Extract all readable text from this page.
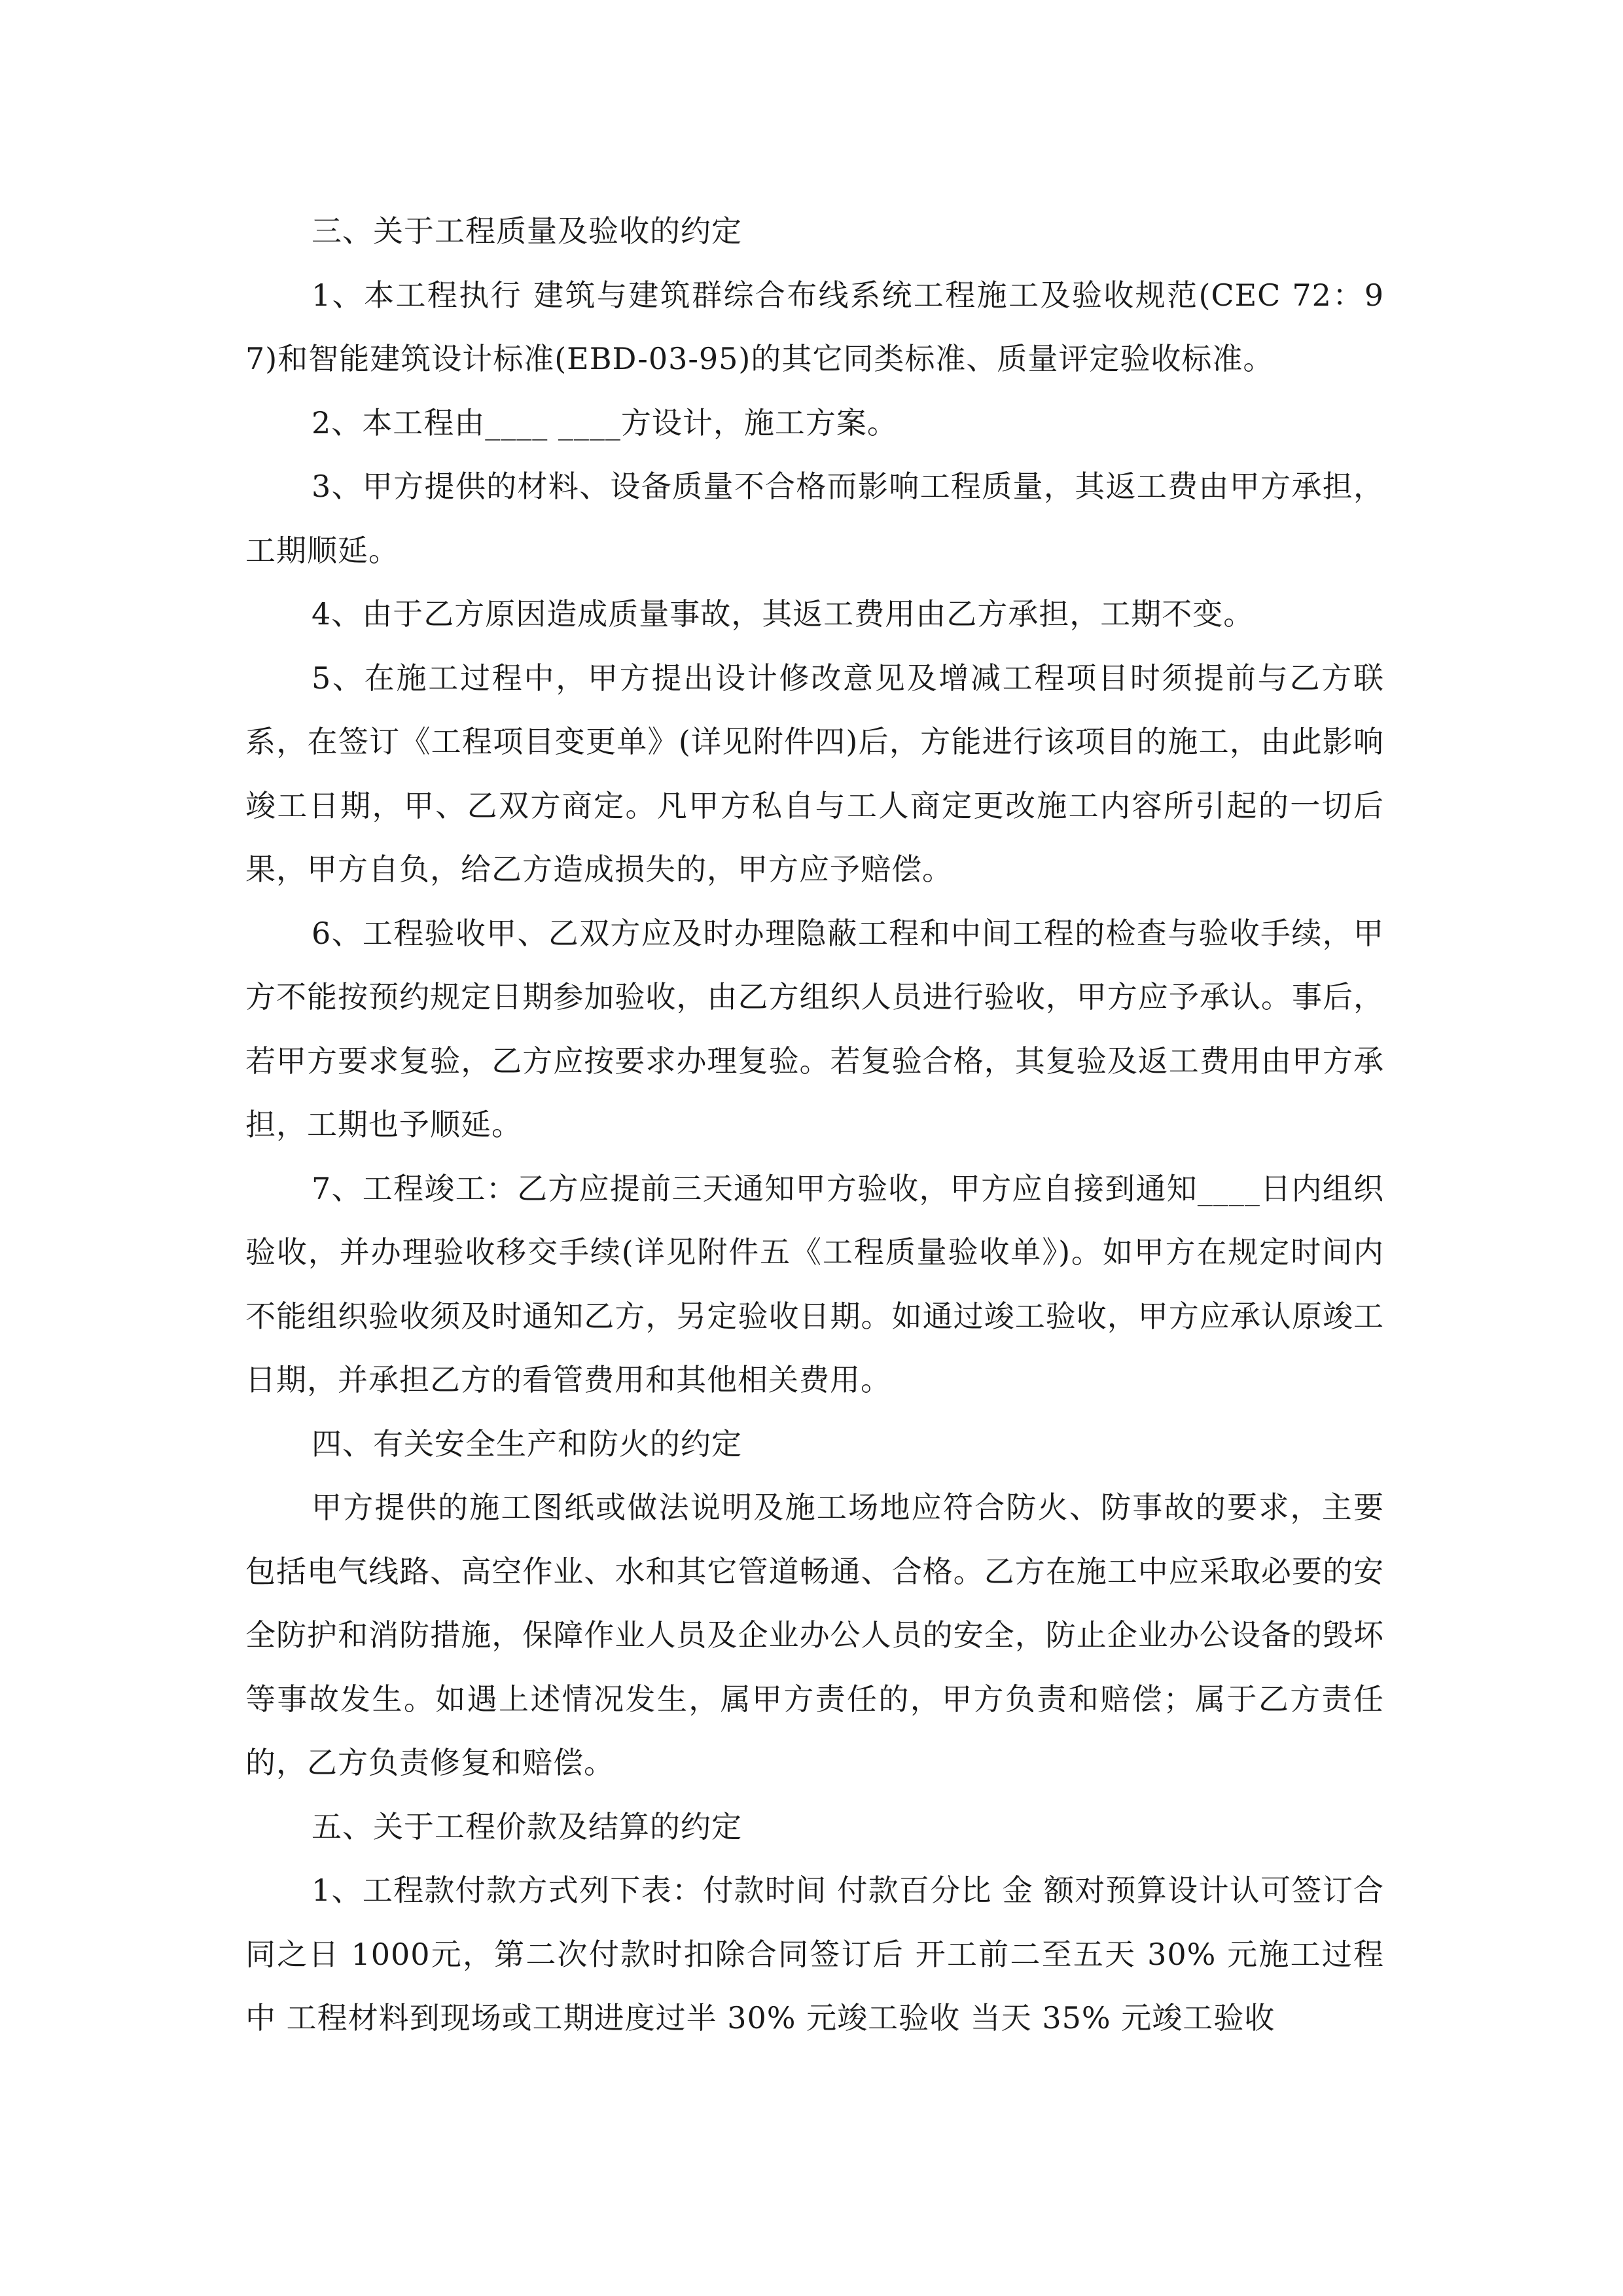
三、关于工程质量及验收的约定

1、本工程执行 建筑与建筑群综合布线系统工程施工及验收规范(CEC 72：97)和智能建筑设计标准(EBD-03-95)的其它同类标准、质量评定验收标准。

2、本工程由____ ____方设计，施工方案。

3、甲方提供的材料、设备质量不合格而影响工程质量，其返工费由甲方承担，工期顺延。

4、由于乙方原因造成质量事故，其返工费用由乙方承担，工期不变。

5、在施工过程中，甲方提出设计修改意见及增减工程项目时须提前与乙方联系，在签订《工程项目变更单》(详见附件四)后，方能进行该项目的施工，由此影响竣工日期，甲、乙双方商定。凡甲方私自与工人商定更改施工内容所引起的一切后果，甲方自负，给乙方造成损失的，甲方应予赔偿。

6、工程验收甲、乙双方应及时办理隐蔽工程和中间工程的检查与验收手续，甲方不能按预约规定日期参加验收，由乙方组织人员进行验收，甲方应予承认。事后，若甲方要求复验，乙方应按要求办理复验。若复验合格，其复验及返工费用由甲方承担，工期也予顺延。

7、工程竣工：乙方应提前三天通知甲方验收，甲方应自接到通知____日内组织验收，并办理验收移交手续(详见附件五《工程质量验收单》)。如甲方在规定时间内不能组织验收须及时通知乙方，另定验收日期。如通过竣工验收，甲方应承认原竣工日期，并承担乙方的看管费用和其他相关费用。

四、有关安全生产和防火的约定

甲方提供的施工图纸或做法说明及施工场地应符合防火、防事故的要求，主要包括电气线路、高空作业、水和其它管道畅通、合格。乙方在施工中应采取必要的安全防护和消防措施，保障作业人员及企业办公人员的安全，防止企业办公设备的毁坏等事故发生。如遇上述情况发生，属甲方责任的，甲方负责和赔偿；属于乙方责任的，乙方负责修复和赔偿。

五、关于工程价款及结算的约定

1、工程款付款方式列下表：付款时间 付款百分比 金 额对预算设计认可签订合同之日 1000元，第二次付款时扣除合同签订后 开工前二至五天 30% 元施工过程中 工程材料到现场或工期进度过半 30% 元竣工验收 当天 35% 元竣工验收
